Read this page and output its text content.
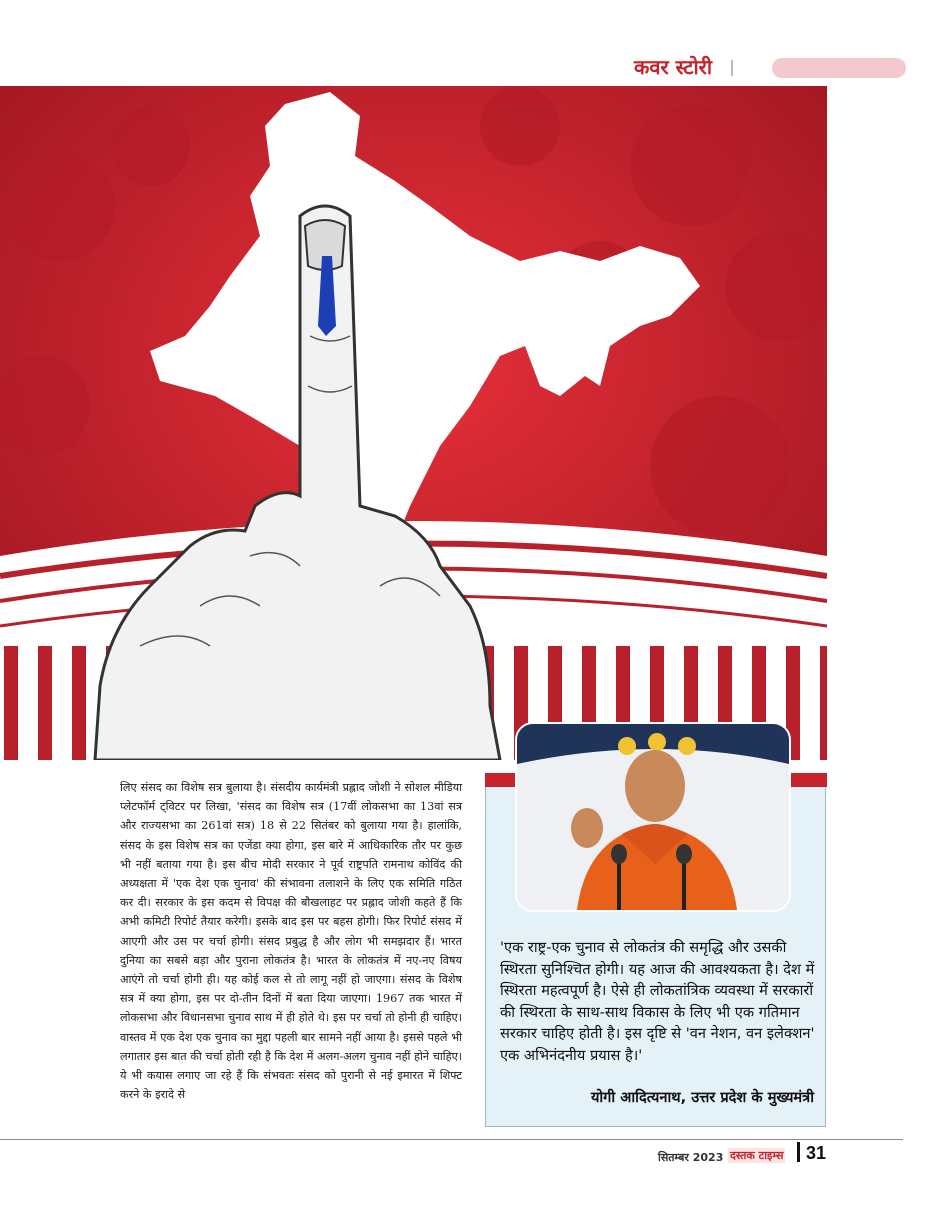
कवर स्टोरी
लिए संसद का विशेष सत्र बुलाया है। संसदीय कार्यमंत्री प्रह्लाद जोशी ने सोशल मीडिया प्लेटफॉर्म ट्विटर पर लिखा, 'संसद का विशेष सत्र (17वीं लोकसभा का 13वां सत्र और राज्यसभा का 261वां सत्र) 18 से 22 सितंबर को बुलाया गया है। हालांकि, संसद के इस विशेष सत्र का एजेंडा क्या होगा, इस बारे में आधिकारिक तौर पर कुछ भी नहीं बताया गया है। इस बीच मोदी सरकार ने पूर्व राष्ट्रपति रामनाथ कोविंद की अध्यक्षता में 'एक देश एक चुनाव' की संभावना तलाशने के लिए एक समिति गठित कर दी। सरकार के इस कदम से विपक्ष की बौखलाहट पर प्रह्लाद जोशी कहते हैं कि अभी कमिटी रिपोर्ट तैयार करेगी। इसके बाद इस पर बहस होगी। फिर रिपोर्ट संसद में आएगी और उस पर चर्चा होगी। संसद प्रबुद्ध है और लोग भी समझदार हैं। भारत दुनिया का सबसे बड़ा और पुराना लोकतंत्र है। भारत के लोकतंत्र में नए-नए विषय आएंगे तो चर्चा होगी ही। यह कोई कल से तो लागू नहीं हो जाएगा। संसद के विशेष सत्र में क्या होगा, इस पर दो-तीन दिनों में बता दिया जाएगा। 1967 तक भारत में लोकसभा और विधानसभा चुनाव साथ में ही होते थे। इस पर चर्चा तो होनी ही चाहिए। वास्तव में एक देश एक चुनाव का मुद्दा पहली बार सामने नहीं आया है। इससे पहले भी लगातार इस बात की चर्चा होती रही है कि देश में अलग-अलग चुनाव नहीं होने चाहिए। ये भी कयास लगाए जा रहे हैं कि संभवतः संसद को पुरानी से नई इमारत में शिफ्ट करने के इरादे से
'एक राष्ट्र-एक चुनाव से लोकतंत्र की समृद्धि और उसकी स्थिरता सुनिश्चित होगी। यह आज की आवश्यकता है। देश में स्थिरता महत्वपूर्ण है। ऐसे ही लोकतांत्रिक व्यवस्था में सरकारों की स्थिरता के साथ-साथ विकास के लिए भी एक गतिमान सरकार चाहिए होती है। इस दृष्टि से 'वन नेशन, वन इलेक्शन' एक अभिनंदनीय प्रयास है।'
योगी आदित्यनाथ, उत्तर प्रदेश के मुख्यमंत्री
सितम्बर 2023 दस्तक टाइम्स 31
